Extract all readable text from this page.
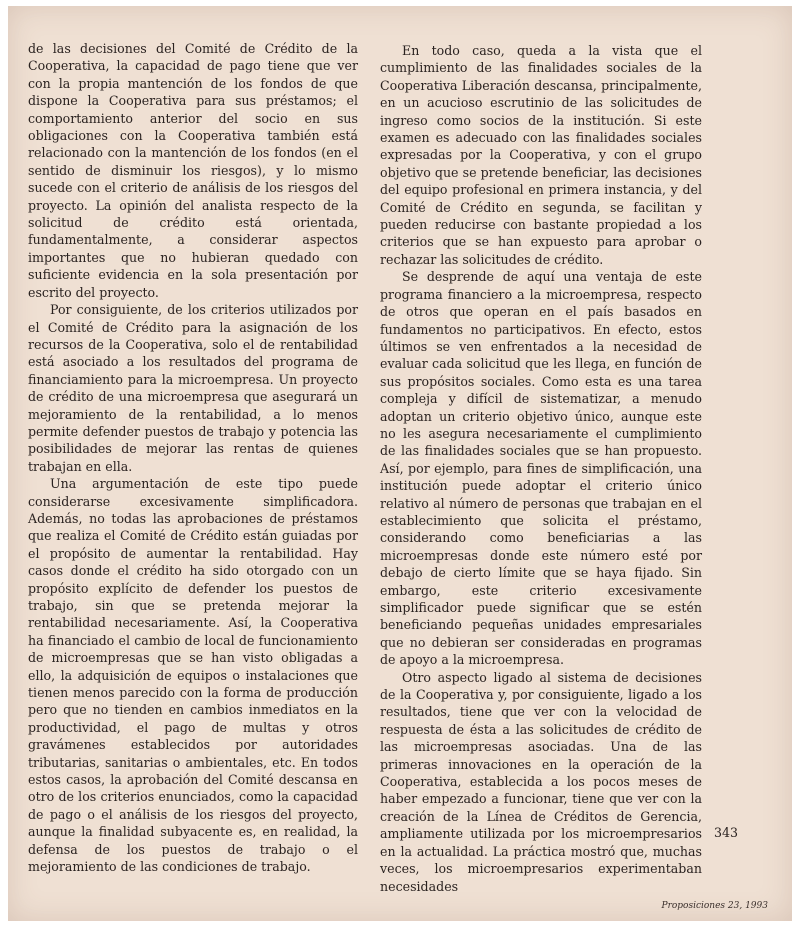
de las decisiones del Comité de Crédito de la Cooperativa, la capacidad de pago tiene que ver con la propia mantención de los fondos de que dispone la Cooperativa para sus préstamos; el comportamiento anterior del socio en sus obligaciones con la Cooperativa también está relacionado con la mantención de los fondos (en el sentido de disminuir los riesgos), y lo mismo sucede con el criterio de análisis de los riesgos del proyecto. La opinión del analista respecto de la solicitud de crédito está orientada, fundamentalmente, a considerar aspectos importantes que no hubieran quedado con suficiente evidencia en la sola presentación por escrito del proyecto.

Por consiguiente, de los criterios utilizados por el Comité de Crédito para la asignación de los recursos de la Cooperativa, solo el de rentabilidad está asociado a los resultados del programa de financiamiento para la microempresa. Un proyecto de crédito de una microempresa que asegurará un mejoramiento de la rentabilidad, a lo menos permite defender puestos de trabajo y potencia las posibilidades de mejorar las rentas de quienes trabajan en ella.

Una argumentación de este tipo puede considerarse excesivamente simplificadora. Además, no todas las aprobaciones de préstamos que realiza el Comité de Crédito están guiadas por el propósito de aumentar la rentabilidad. Hay casos donde el crédito ha sido otorgado con un propósito explícito de defender los puestos de trabajo, sin que se pretenda mejorar la rentabilidad necesariamente. Así, la Cooperativa ha financiado el cambio de local de funcionamiento de microempresas que se han visto obligadas a ello, la adquisición de equipos o instalaciones que tienen menos parecido con la forma de producción pero que no tienden en cambios inmediatos en la productividad, el pago de multas y otros gravámenes establecidos por autoridades tributarias, sanitarias o ambientales, etc. En todos estos casos, la aprobación del Comité descansa en otro de los criterios enunciados, como la capacidad de pago o el análisis de los riesgos del proyecto, aunque la finalidad subyacente es, en realidad, la defensa de los puestos de trabajo o el mejoramiento de las condiciones de trabajo.

En todo caso, queda a la vista que el cumplimiento de las finalidades sociales de la Cooperativa Liberación descansa, principalmente, en un acucioso escrutinio de las solicitudes de ingreso como socios de la institución. Si este examen es adecuado con las finalidades sociales expresadas por la Cooperativa, y con el grupo objetivo que se pretende beneficiar, las decisiones del equipo profesional en primera instancia, y del Comité de Crédito en segunda, se facilitan y pueden reducirse con bastante propiedad a los criterios que se han expuesto para aprobar o rechazar las solicitudes de crédito.

Se desprende de aquí una ventaja de este programa financiero a la microempresa, respecto de otros que operan en el país basados en fundamentos no participativos. En efecto, estos últimos se ven enfrentados a la necesidad de evaluar cada solicitud que les llega, en función de sus propósitos sociales. Como esta es una tarea compleja y difícil de sistematizar, a menudo adoptan un criterio objetivo único, aunque este no les asegura necesariamente el cumplimiento de las finalidades sociales que se han propuesto. Así, por ejemplo, para fines de simplificación, una institución puede adoptar el criterio único relativo al número de personas que trabajan en el establecimiento que solicita el préstamo, considerando como beneficiarias a las microempresas donde este número esté por debajo de cierto límite que se haya fijado. Sin embargo, este criterio excesivamente simplificador puede significar que se estén beneficiando pequeñas unidades empresariales que no debieran ser consideradas en programas de apoyo a la microempresa.

Otro aspecto ligado al sistema de decisiones de la Cooperativa y, por consiguiente, ligado a los resultados, tiene que ver con la velocidad de respuesta de ésta a las solicitudes de crédito de las microempresas asociadas. Una de las primeras innovaciones en la operación de la Cooperativa, establecida a los pocos meses de haber empezado a funcionar, tiene que ver con la creación de la Línea de Créditos de Gerencia, ampliamente utilizada por los microempresarios en la actualidad. La práctica mostró que, muchas veces, los microempresarios experimentaban necesidades

343
Proposiciones 23, 1993
